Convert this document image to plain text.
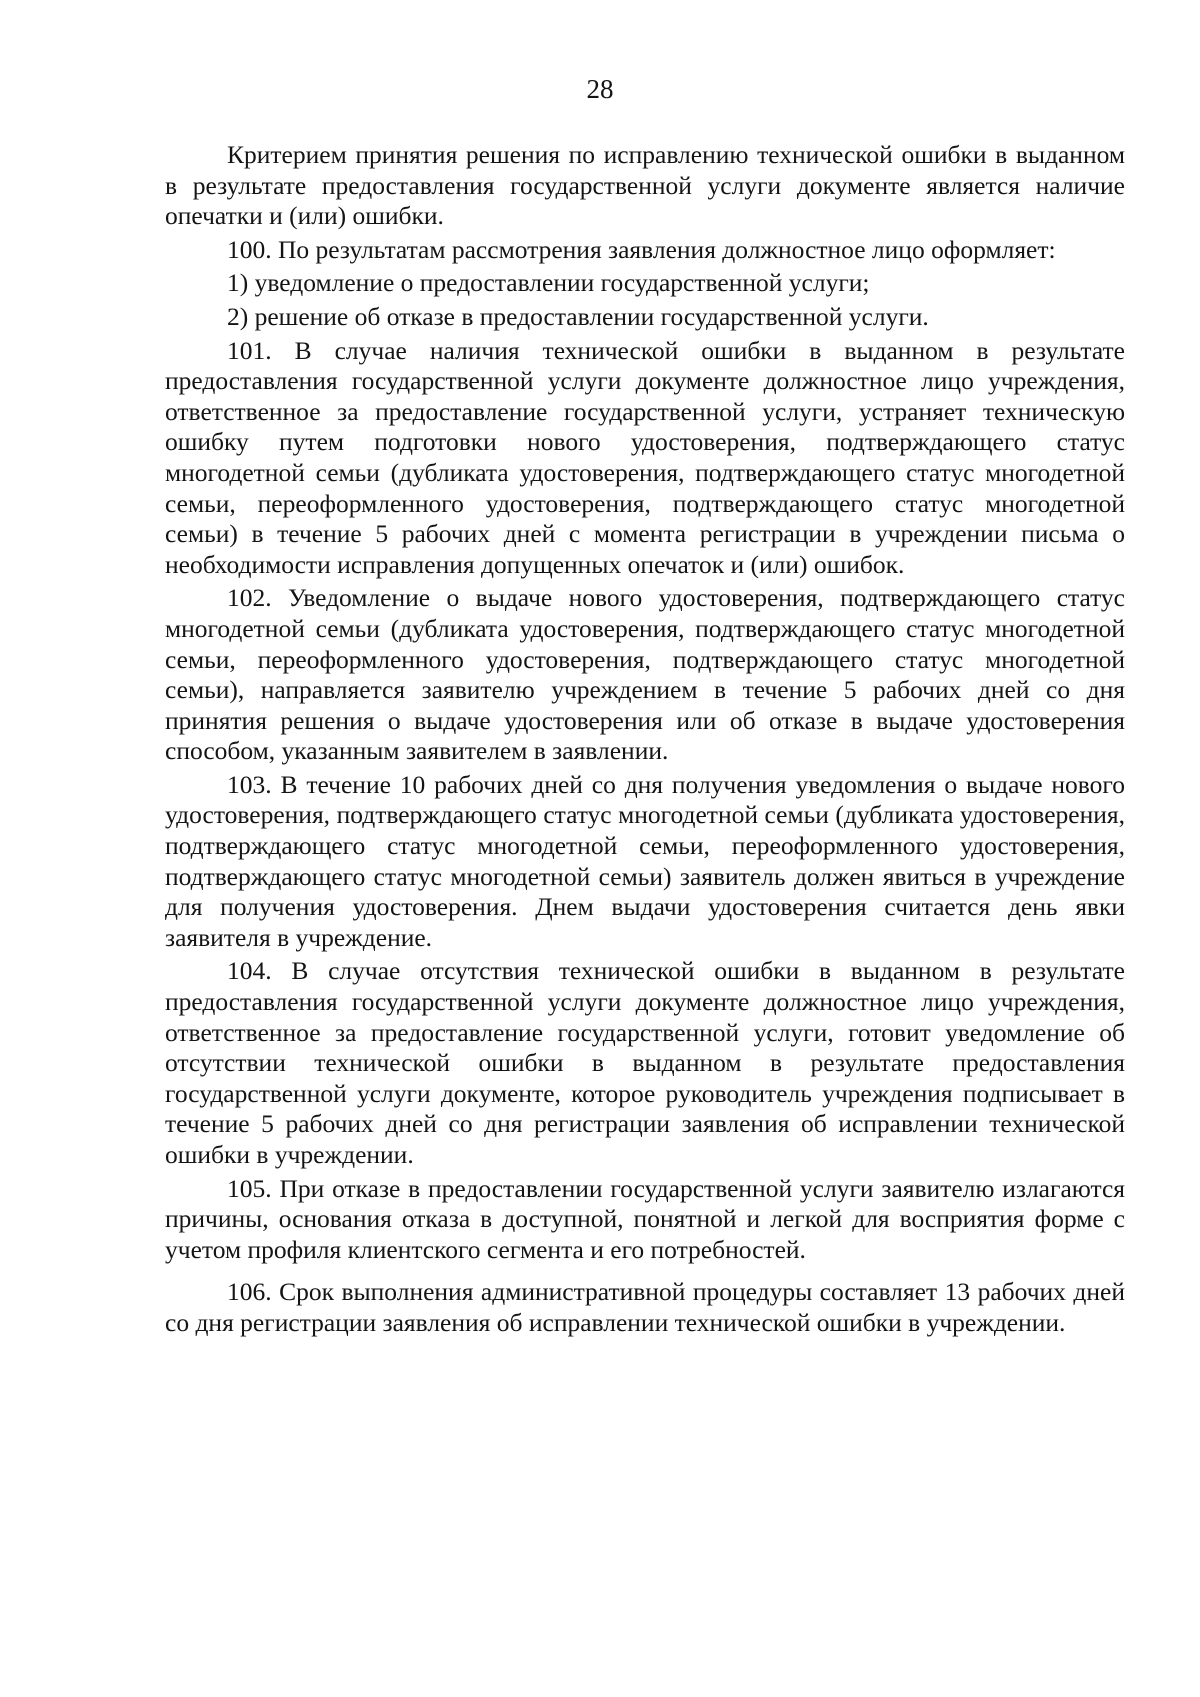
28

Критерием принятия решения по исправлению технической ошибки в выданном в результате предоставления государственной услуги документе является наличие опечатки и (или) ошибки.

100. По результатам рассмотрения заявления должностное лицо оформляет:

1) уведомление о предоставлении государственной услуги;

2) решение об отказе в предоставлении государственной услуги.

101. В случае наличия технической ошибки в выданном в результате предоставления государственной услуги документе должностное лицо учреждения, ответственное за предоставление государственной услуги, устраняет техническую ошибку путем подготовки нового удостоверения, подтверждающего статус многодетной семьи (дубликата удостоверения, подтверждающего статус многодетной семьи, переоформленного удостоверения, подтверждающего статус многодетной семьи) в течение 5 рабочих дней с момента регистрации в учреждении письма о необходимости исправления допущенных опечаток и (или) ошибок.

102. Уведомление о выдаче нового удостоверения, подтверждающего статус многодетной семьи (дубликата удостоверения, подтверждающего статус многодетной семьи, переоформленного удостоверения, подтверждающего статус многодетной семьи), направляется заявителю учреждением в течение 5 рабочих дней со дня принятия решения о выдаче удостоверения или об отказе в выдаче удостоверения способом, указанным заявителем в заявлении.

103. В течение 10 рабочих дней со дня получения уведомления о выдаче нового удостоверения, подтверждающего статус многодетной семьи (дубликата удостоверения, подтверждающего статус многодетной семьи, переоформленного удостоверения, подтверждающего статус многодетной семьи) заявитель должен явиться в учреждение для получения удостоверения. Днем выдачи удостоверения считается день явки заявителя в учреждение.

104. В случае отсутствия технической ошибки в выданном в результате предоставления государственной услуги документе должностное лицо учреждения, ответственное за предоставление государственной услуги, готовит уведомление об отсутствии технической ошибки в выданном в результате предоставления государственной услуги документе, которое руководитель учреждения подписывает в течение 5 рабочих дней со дня регистрации заявления об исправлении технической ошибки в учреждении.

105. При отказе в предоставлении государственной услуги заявителю излагаются причины, основания отказа в доступной, понятной и легкой для восприятия форме с учетом профиля клиентского сегмента и его потребностей.

106. Срок выполнения административной процедуры составляет 13 рабочих дней со дня регистрации заявления об исправлении технической ошибки в учреждении.
